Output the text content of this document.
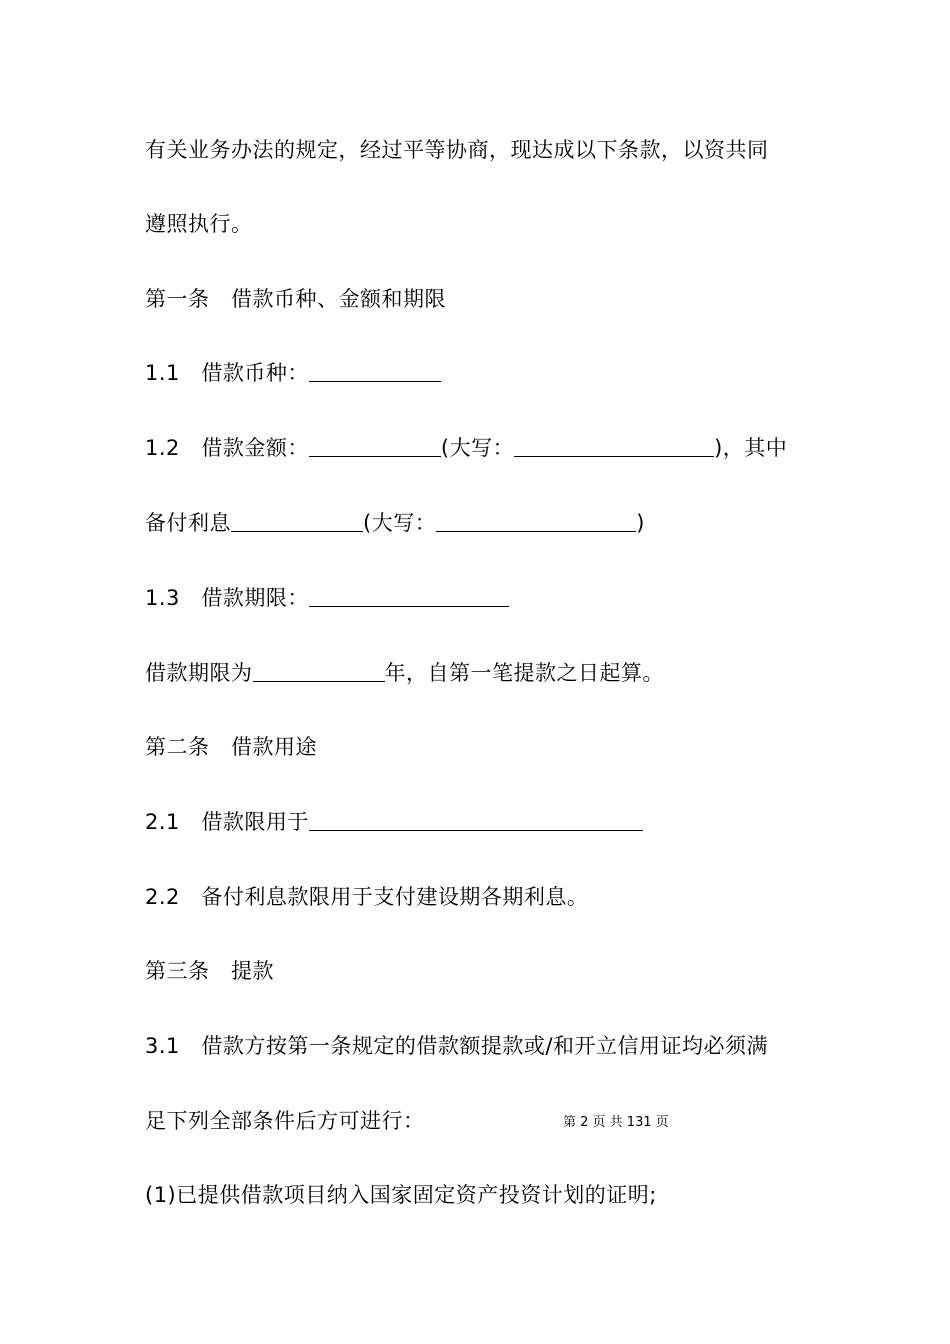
有关业务办法的规定，经过平等协商，现达成以下条款，以资共同
遵照执行。
第一条　借款币种、金额和期限
1.1　借款币种：
1.2　借款金额：	(大写：	)，其中
备付利息	(大写：	)
1.3　借款期限：
借款期限为	年，自第一笔提款之日起算。
第二条　借款用途
2.1　借款限用于
2.2　备付利息款限用于支付建设期各期利息。
第三条　提款
3.1　借款方按第一条规定的借款额提款或/和开立信用证均必须满
足下列全部条件后方可进行：	第 2 页 共 131 页
(1)已提供借款项目纳入国家固定资产投资计划的证明;
